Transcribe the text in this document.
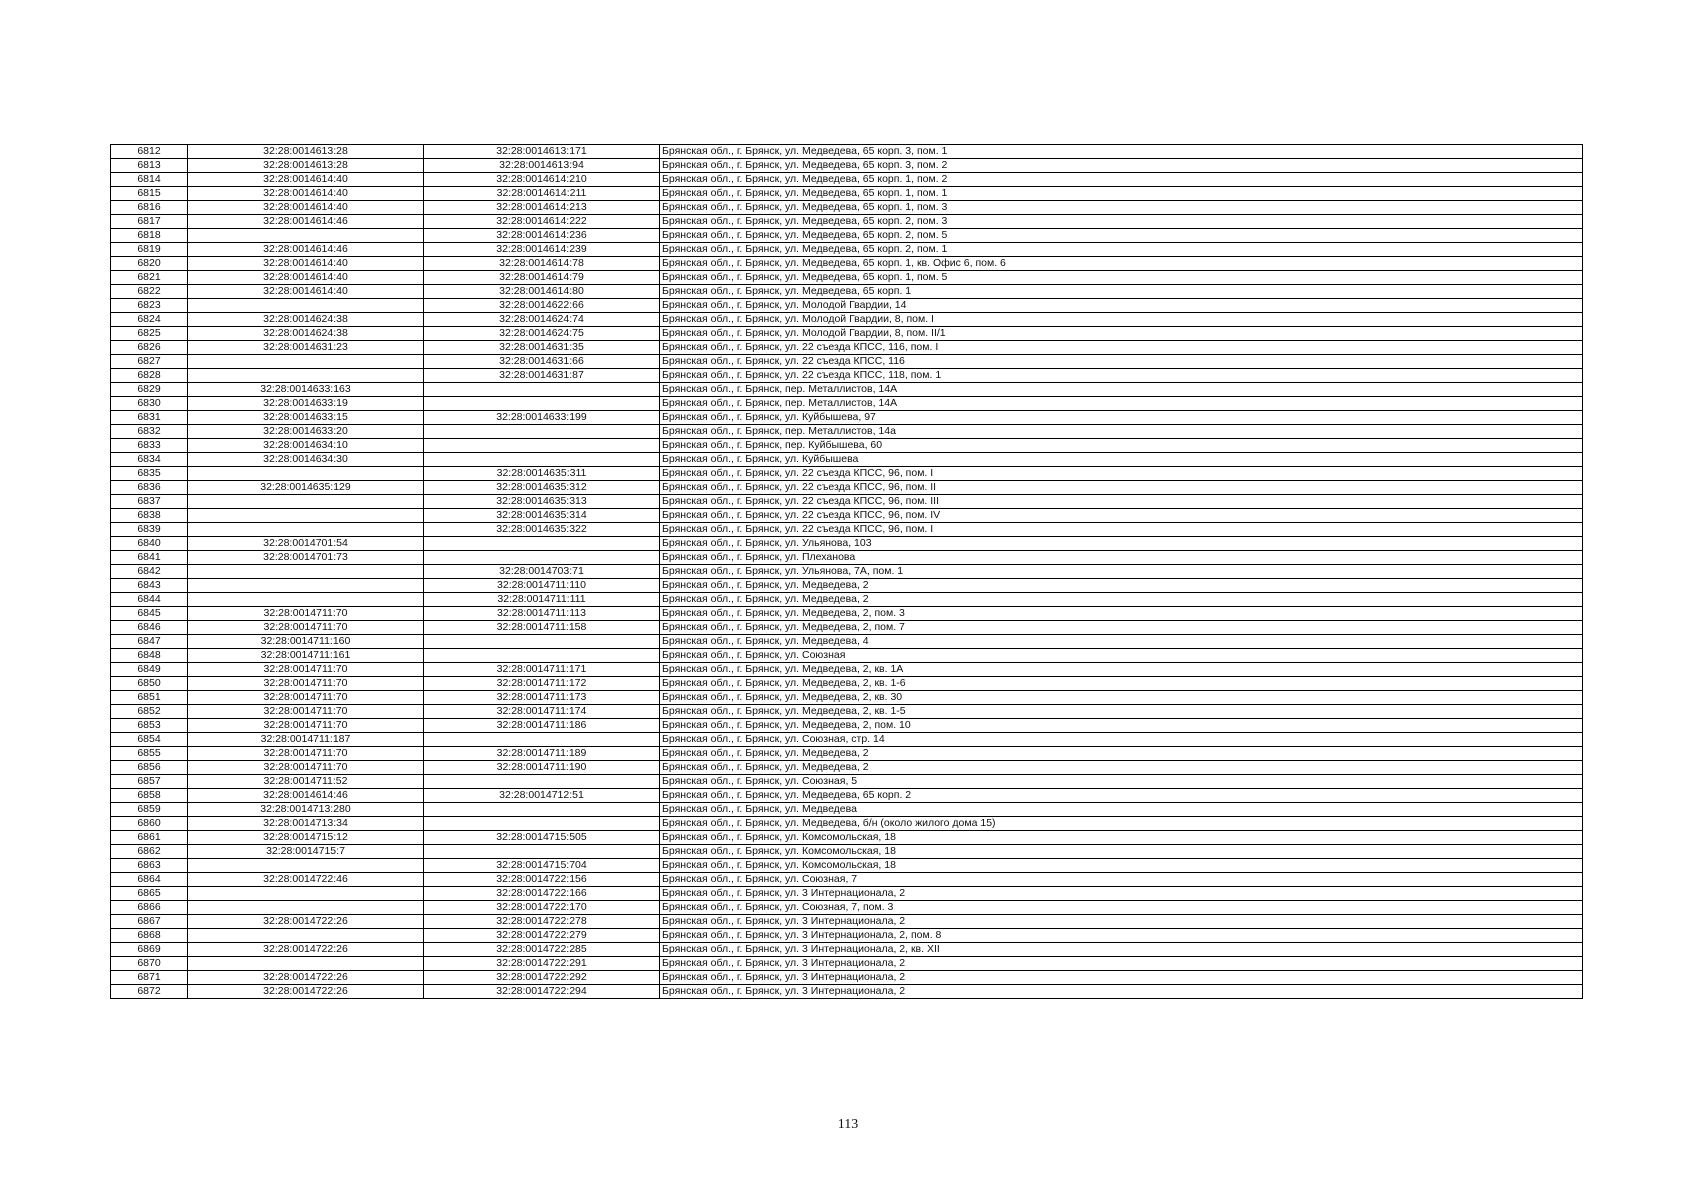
6812	32:28:0014613:28	32:28:0014613:171	Брянская обл., г. Брянск, ул. Медведева, 65 корп. 3, пом. 1
6813	32:28:0014613:28	32:28:0014613:94	Брянская обл., г. Брянск, ул. Медведева, 65 корп. 3, пом. 2
6814	32:28:0014614:40	32:28:0014614:210	Брянская обл., г. Брянск, ул. Медведева, 65 корп. 1, пом. 2
6815	32:28:0014614:40	32:28:0014614:211	Брянская обл., г. Брянск, ул. Медведева, 65 корп. 1, пом. 1
6816	32:28:0014614:40	32:28:0014614:213	Брянская обл., г. Брянск, ул. Медведева, 65 корп. 1, пом. 3
6817	32:28:0014614:46	32:28:0014614:222	Брянская обл., г. Брянск, ул. Медведева, 65 корп. 2, пом. 3
6818		32:28:0014614:236	Брянская обл., г. Брянск, ул. Медведева, 65 корп. 2, пом. 5
6819	32:28:0014614:46	32:28:0014614:239	Брянская обл., г. Брянск, ул. Медведева, 65 корп. 2, пом. 1
6820	32:28:0014614:40	32:28:0014614:78	Брянская обл., г. Брянск, ул. Медведева, 65 корп. 1, кв. Офис 6, пом. 6
6821	32:28:0014614:40	32:28:0014614:79	Брянская обл., г. Брянск, ул. Медведева, 65 корп. 1, пом. 5
6822	32:28:0014614:40	32:28:0014614:80	Брянская обл., г. Брянск, ул. Медведева, 65 корп. 1
6823		32:28:0014622:66	Брянская обл., г. Брянск, ул. Молодой Гвардии, 14
6824	32:28:0014624:38	32:28:0014624:74	Брянская обл., г. Брянск, ул. Молодой Гвардии, 8, пом. I
6825	32:28:0014624:38	32:28:0014624:75	Брянская обл., г. Брянск, ул. Молодой Гвардии, 8, пом. II/1
6826	32:28:0014631:23	32:28:0014631:35	Брянская обл., г. Брянск, ул. 22 съезда КПСС, 116, пом. I
6827		32:28:0014631:66	Брянская обл., г. Брянск, ул. 22 съезда КПСС, 116
6828		32:28:0014631:87	Брянская обл., г. Брянск, ул. 22 съезда КПСС, 118, пом. 1
6829	32:28:0014633:163		Брянская обл., г. Брянск, пер. Металлистов, 14А
6830	32:28:0014633:19		Брянская обл., г. Брянск, пер. Металлистов, 14А
6831	32:28:0014633:15	32:28:0014633:199	Брянская обл., г. Брянск, ул. Куйбышева, 97
6832	32:28:0014633:20		Брянская обл., г. Брянск, пер. Металлистов, 14а
6833	32:28:0014634:10		Брянская обл., г. Брянск, пер. Куйбышева, 60
6834	32:28:0014634:30		Брянская обл., г. Брянск, ул. Куйбышева
6835		32:28:0014635:311	Брянская обл., г. Брянск, ул. 22 съезда КПСС, 96, пом. I
6836	32:28:0014635:129	32:28:0014635:312	Брянская обл., г. Брянск, ул. 22 съезда КПСС, 96, пом. II
6837		32:28:0014635:313	Брянская обл., г. Брянск, ул. 22 съезда КПСС, 96, пом. III
6838		32:28:0014635:314	Брянская обл., г. Брянск, ул. 22 съезда КПСС, 96, пом. IV
6839		32:28:0014635:322	Брянская обл., г. Брянск, ул. 22 съезда КПСС, 96, пом. I
6840	32:28:0014701:54		Брянская обл., г. Брянск, ул. Ульянова, 103
6841	32:28:0014701:73		Брянская обл., г. Брянск, ул. Плеханова
6842		32:28:0014703:71	Брянская обл., г. Брянск, ул. Ульянова, 7А, пом. 1
6843		32:28:0014711:110	Брянская обл., г. Брянск, ул. Медведева, 2
6844		32:28:0014711:111	Брянская обл., г. Брянск, ул. Медведева, 2
6845	32:28:0014711:70	32:28:0014711:113	Брянская обл., г. Брянск, ул. Медведева, 2, пом. 3
6846	32:28:0014711:70	32:28:0014711:158	Брянская обл., г. Брянск, ул. Медведева, 2, пом. 7
6847	32:28:0014711:160		Брянская обл., г. Брянск, ул. Медведева, 4
6848	32:28:0014711:161		Брянская обл., г. Брянск, ул. Союзная
6849	32:28:0014711:70	32:28:0014711:171	Брянская обл., г. Брянск, ул. Медведева, 2, кв. 1А
6850	32:28:0014711:70	32:28:0014711:172	Брянская обл., г. Брянск, ул. Медведева, 2, кв. 1-6
6851	32:28:0014711:70	32:28:0014711:173	Брянская обл., г. Брянск, ул. Медведева, 2, кв. 30
6852	32:28:0014711:70	32:28:0014711:174	Брянская обл., г. Брянск, ул. Медведева, 2, кв. 1-5
6853	32:28:0014711:70	32:28:0014711:186	Брянская обл., г. Брянск, ул. Медведева, 2, пом. 10
6854	32:28:0014711:187		Брянская обл., г. Брянск, ул. Союзная, стр. 14
6855	32:28:0014711:70	32:28:0014711:189	Брянская обл., г. Брянск, ул. Медведева, 2
6856	32:28:0014711:70	32:28:0014711:190	Брянская обл., г. Брянск, ул. Медведева, 2
6857	32:28:0014711:52		Брянская обл., г. Брянск, ул. Союзная, 5
6858	32:28:0014614:46	32:28:0014712:51	Брянская обл., г. Брянск, ул. Медведева, 65 корп. 2
6859	32:28:0014713:280		Брянская обл., г. Брянск, ул. Медведева
6860	32:28:0014713:34		Брянская обл., г. Брянск, ул. Медведева, б/н (около жилого дома 15)
6861	32:28:0014715:12	32:28:0014715:505	Брянская обл., г. Брянск, ул. Комсомольская, 18
6862	32:28:0014715:7		Брянская обл., г. Брянск, ул. Комсомольская, 18
6863		32:28:0014715:704	Брянская обл., г. Брянск, ул. Комсомольская, 18
6864	32:28:0014722:46	32:28:0014722:156	Брянская обл., г. Брянск, ул. Союзная, 7
6865		32:28:0014722:166	Брянская обл., г. Брянск, ул. 3 Интернационала, 2
6866		32:28:0014722:170	Брянская обл., г. Брянск, ул. Союзная, 7, пом. 3
6867	32:28:0014722:26	32:28:0014722:278	Брянская обл., г. Брянск, ул. 3 Интернационала, 2
6868		32:28:0014722:279	Брянская обл., г. Брянск, ул. 3 Интернационала, 2, пом. 8
6869	32:28:0014722:26	32:28:0014722:285	Брянская обл., г. Брянск, ул. 3 Интернационала, 2, кв. XII
6870		32:28:0014722:291	Брянская обл., г. Брянск, ул. 3 Интернационала, 2
6871	32:28:0014722:26	32:28:0014722:292	Брянская обл., г. Брянск, ул. 3 Интернационала, 2
6872	32:28:0014722:26	32:28:0014722:294	Брянская обл., г. Брянск, ул. 3 Интернационала, 2
113
